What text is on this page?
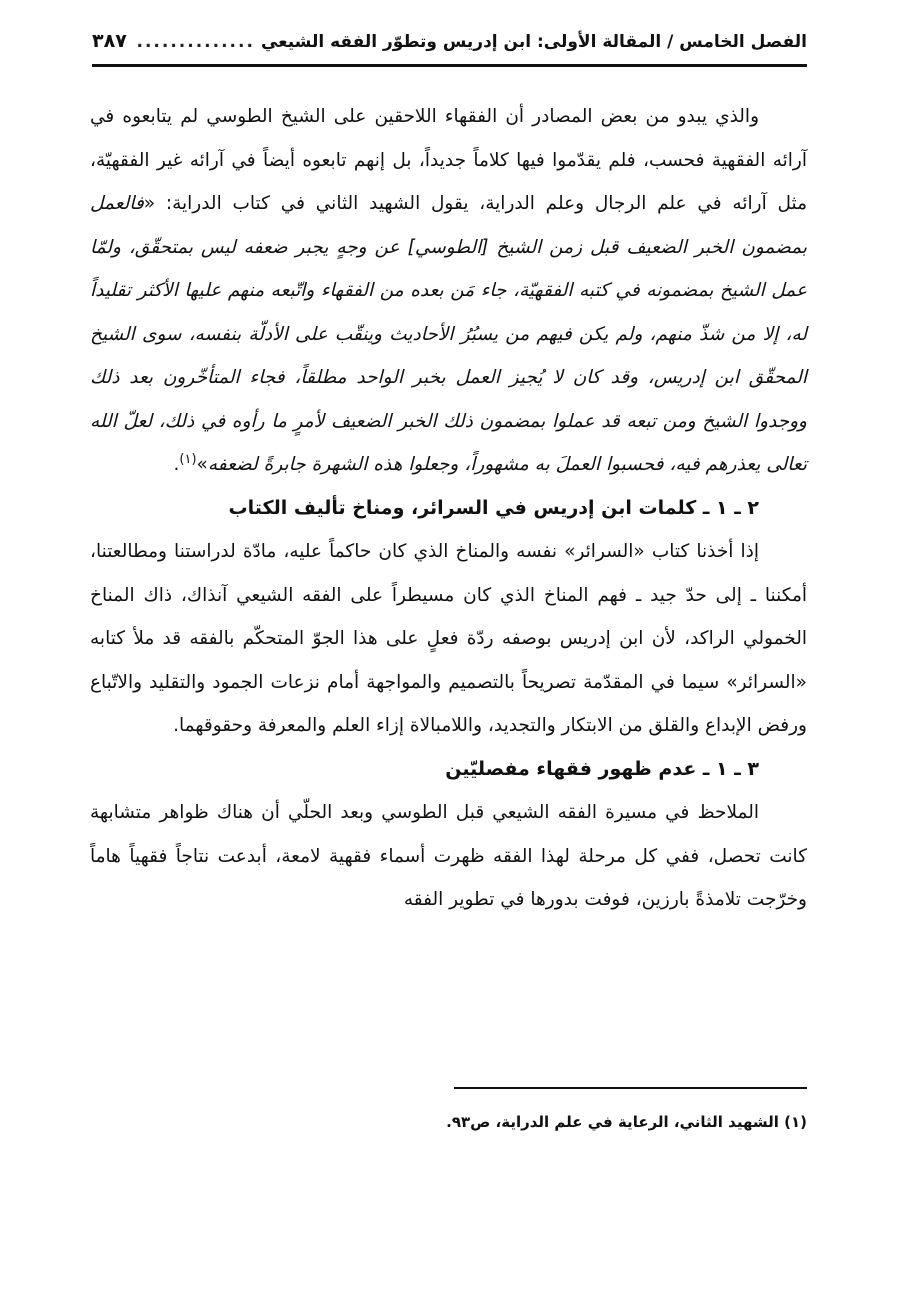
الفصل الخامس / المقالة الأولى: ابن إدريس وتطوّر الفقه الشيعي
.....
٣٨٧

والذي يبدو من بعض المصادر أن الفقهاء اللاحقين على الشيخ الطوسي لم يتابعوه في آرائه الفقهية فحسب، فلم يقدّموا فيها كلاماً جديداً، بل إنهم تابعوه أيضاً في آرائه غير الفقهيّة، مثل آرائه في علم الرجال وعلم الدراية، يقول الشهيد الثاني في كتاب الدراية: «فالعمل بمضمون الخبر الضعيف قبل زمن الشيخ [الطوسي] عن وجهٍ يجبر ضعفه ليس بمتحقّق، ولمّا عمل الشيخ بمضمونه في كتبه الفقهيّة، جاء مَن بعده من الفقهاء واتّبعه منهم عليها الأكثر تقليداً له، إلا من شذّ منهم، ولم يكن فيهم من يسبُرُ الأحاديث وينقّب على الأدلّة بنفسه، سوى الشيخ المحقّق ابن إدريس، وقد كان لا يُجيز العمل بخبر الواحد مطلقاً، فجاء المتأخّرون بعد ذلك ووجدوا الشيخ ومن تبعه قد عملوا بمضمون ذلك الخبر الضعيف لأمرٍ ما رأوه في ذلك، لعلّ الله تعالى يعذرهم فيه، فحسبوا العملَ به مشهوراً، وجعلوا هذه الشهرة جابرةً لضعفه»$^{(١)}$.

٢ ـ ١ ـ كلمات ابن إدريس في السرائر، ومناخ تأليف الكتاب

إذا أخذنا كتاب «السرائر» نفسه والمناخ الذي كان حاكماً عليه، مادّة لدراستنا ومطالعتنا، أمكننا ـ إلى حدّ جيد ـ فهم المناخ الذي كان مسيطراً على الفقه الشيعي آنذاك، ذاك المناخ الخمولي الراكد، لأن ابن إدريس بوصفه ردّة فعلٍ على هذا الجوّ المتحكّم بالفقه قد ملأ كتابه «السرائر» سيما في المقدّمة تصريحاً بالتصميم والمواجهة أمام نزعات الجمود والتقليد والاتّباع ورفض الإبداع والقلق من الابتكار والتجديد، واللامبالاة إزاء العلم والمعرفة وحقوقهما.

٣ ـ ١ ـ عدم ظهور فقهاء مفصليّين

الملاحظ في مسيرة الفقه الشيعي قبل الطوسي وبعد الحلّي أن هناك ظواهر متشابهة كانت تحصل، ففي كل مرحلة لهذا الفقه ظهرت أسماء فقهية لامعة، أبدعت نتاجاً فقهياً هاماً وخرّجت تلامذةً بارزين، فوفت بدورها في تطوير الفقه

(١) الشهيد الثاني، الرعاية في علم الدراية، ص٩٣.
